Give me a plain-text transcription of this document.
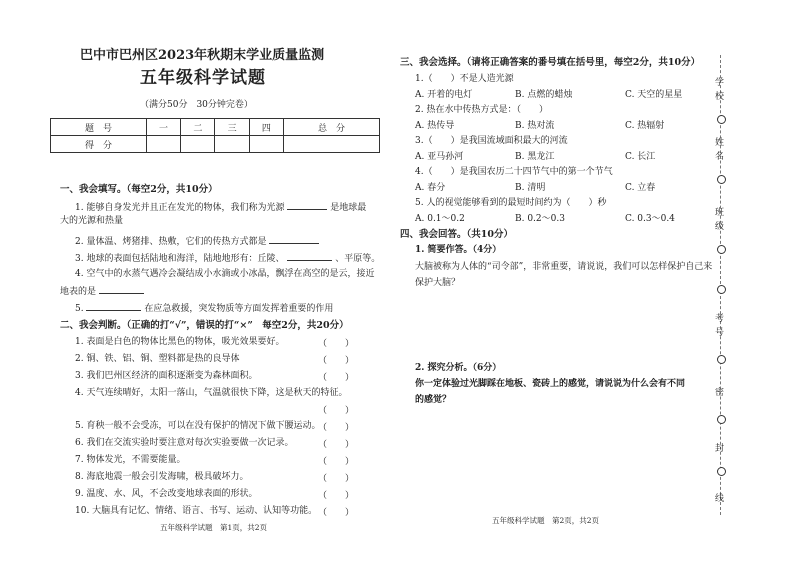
巴中市巴州区2023年秋期末学业质量监测
五年级科学试题
（满分50分　30分钟完卷）
题　号	一	二	三	四	总　分
得　分					
一、我会填写。（每空2分，共10分）
1. 能够自身发光并且正在发光的物体，我们称为光源	是地球最
大的光源和热量
2. 量体温、烤猪排、热敷，它们的传热方式都是
3. 地球的表面包括陆地和海洋，陆地地形有：丘陵、	、平原等。
4. 空气中的水蒸气遇冷会凝结成小水滴或小冰晶，飘浮在高空的是云，接近
地表的是
5.	在应急救援，突发物质等方面发挥着重要的作用
二、我会判断。（正确的打“√”，错误的打“×”　每空2分，共20分）
1. 表面是白色的物体比黑色的物体，吸光效果要好。	（　　）
2. 铜、铁、铝、铜、塑料都是热的良导体	（　　）
3. 我们巴州区经济的面积逐渐变为森林面积。	（　　）
4. 天气连续晴好，太阳一落山，气温就很快下降，这是秋天的特征。
（　　）
5. 育秧一般不会受冻，可以在没有保护的情况下做下腰运动。
（　　）
6. 我们在交流实验时要注意对每次实验要做一次记录。	（　　）
7. 物体发光，不需要能量。	（　　）
8. 海底地震一般会引发海啸，极具破坏力。	（　　）
9. 温度、水、风，不会改变地球表面的形状。	（　　）
10. 大脑具有记忆、情绪、语言、书写、运动、认知等功能。 （　　）
五年级科学试题　第1页，共2页
三、我会选择。（请将正确答案的番号填在括号里，每空2分，共10分）
1.（　　）不是人造光源
A. 开着的电灯	B. 点燃的蜡烛	C. 天空的星星
2. 热在水中传热方式是：（　　）
A. 热传导	B. 热对流	C. 热辐射
3.（　　）是我国流域面积最大的河流
A. 亚马孙河	B. 黑龙江	C. 长江
4.（　　）是我国农历二十四节气中的第一个节气
A. 春分	B. 清明	C. 立春
5. 人的视觉能够看到的最短时间约为（　　）秒
A. 0.1～0.2	B. 0.2～0.3	C. 0.3～0.4
四、我会回答。（共10分）
1. 简要作答。（4分）
大脑被称为人体的“司令部”，非常重要，请说说，我们可以怎样保护自己来
保护大脑？
2. 探究分析。（6分）
你一定体验过光脚踩在地板、瓷砖上的感觉，请说说为什么会有不同
的感觉？
五年级科学试题　第2页，共2页
学
校
姓
名
班
级
考
号
密
封
线
